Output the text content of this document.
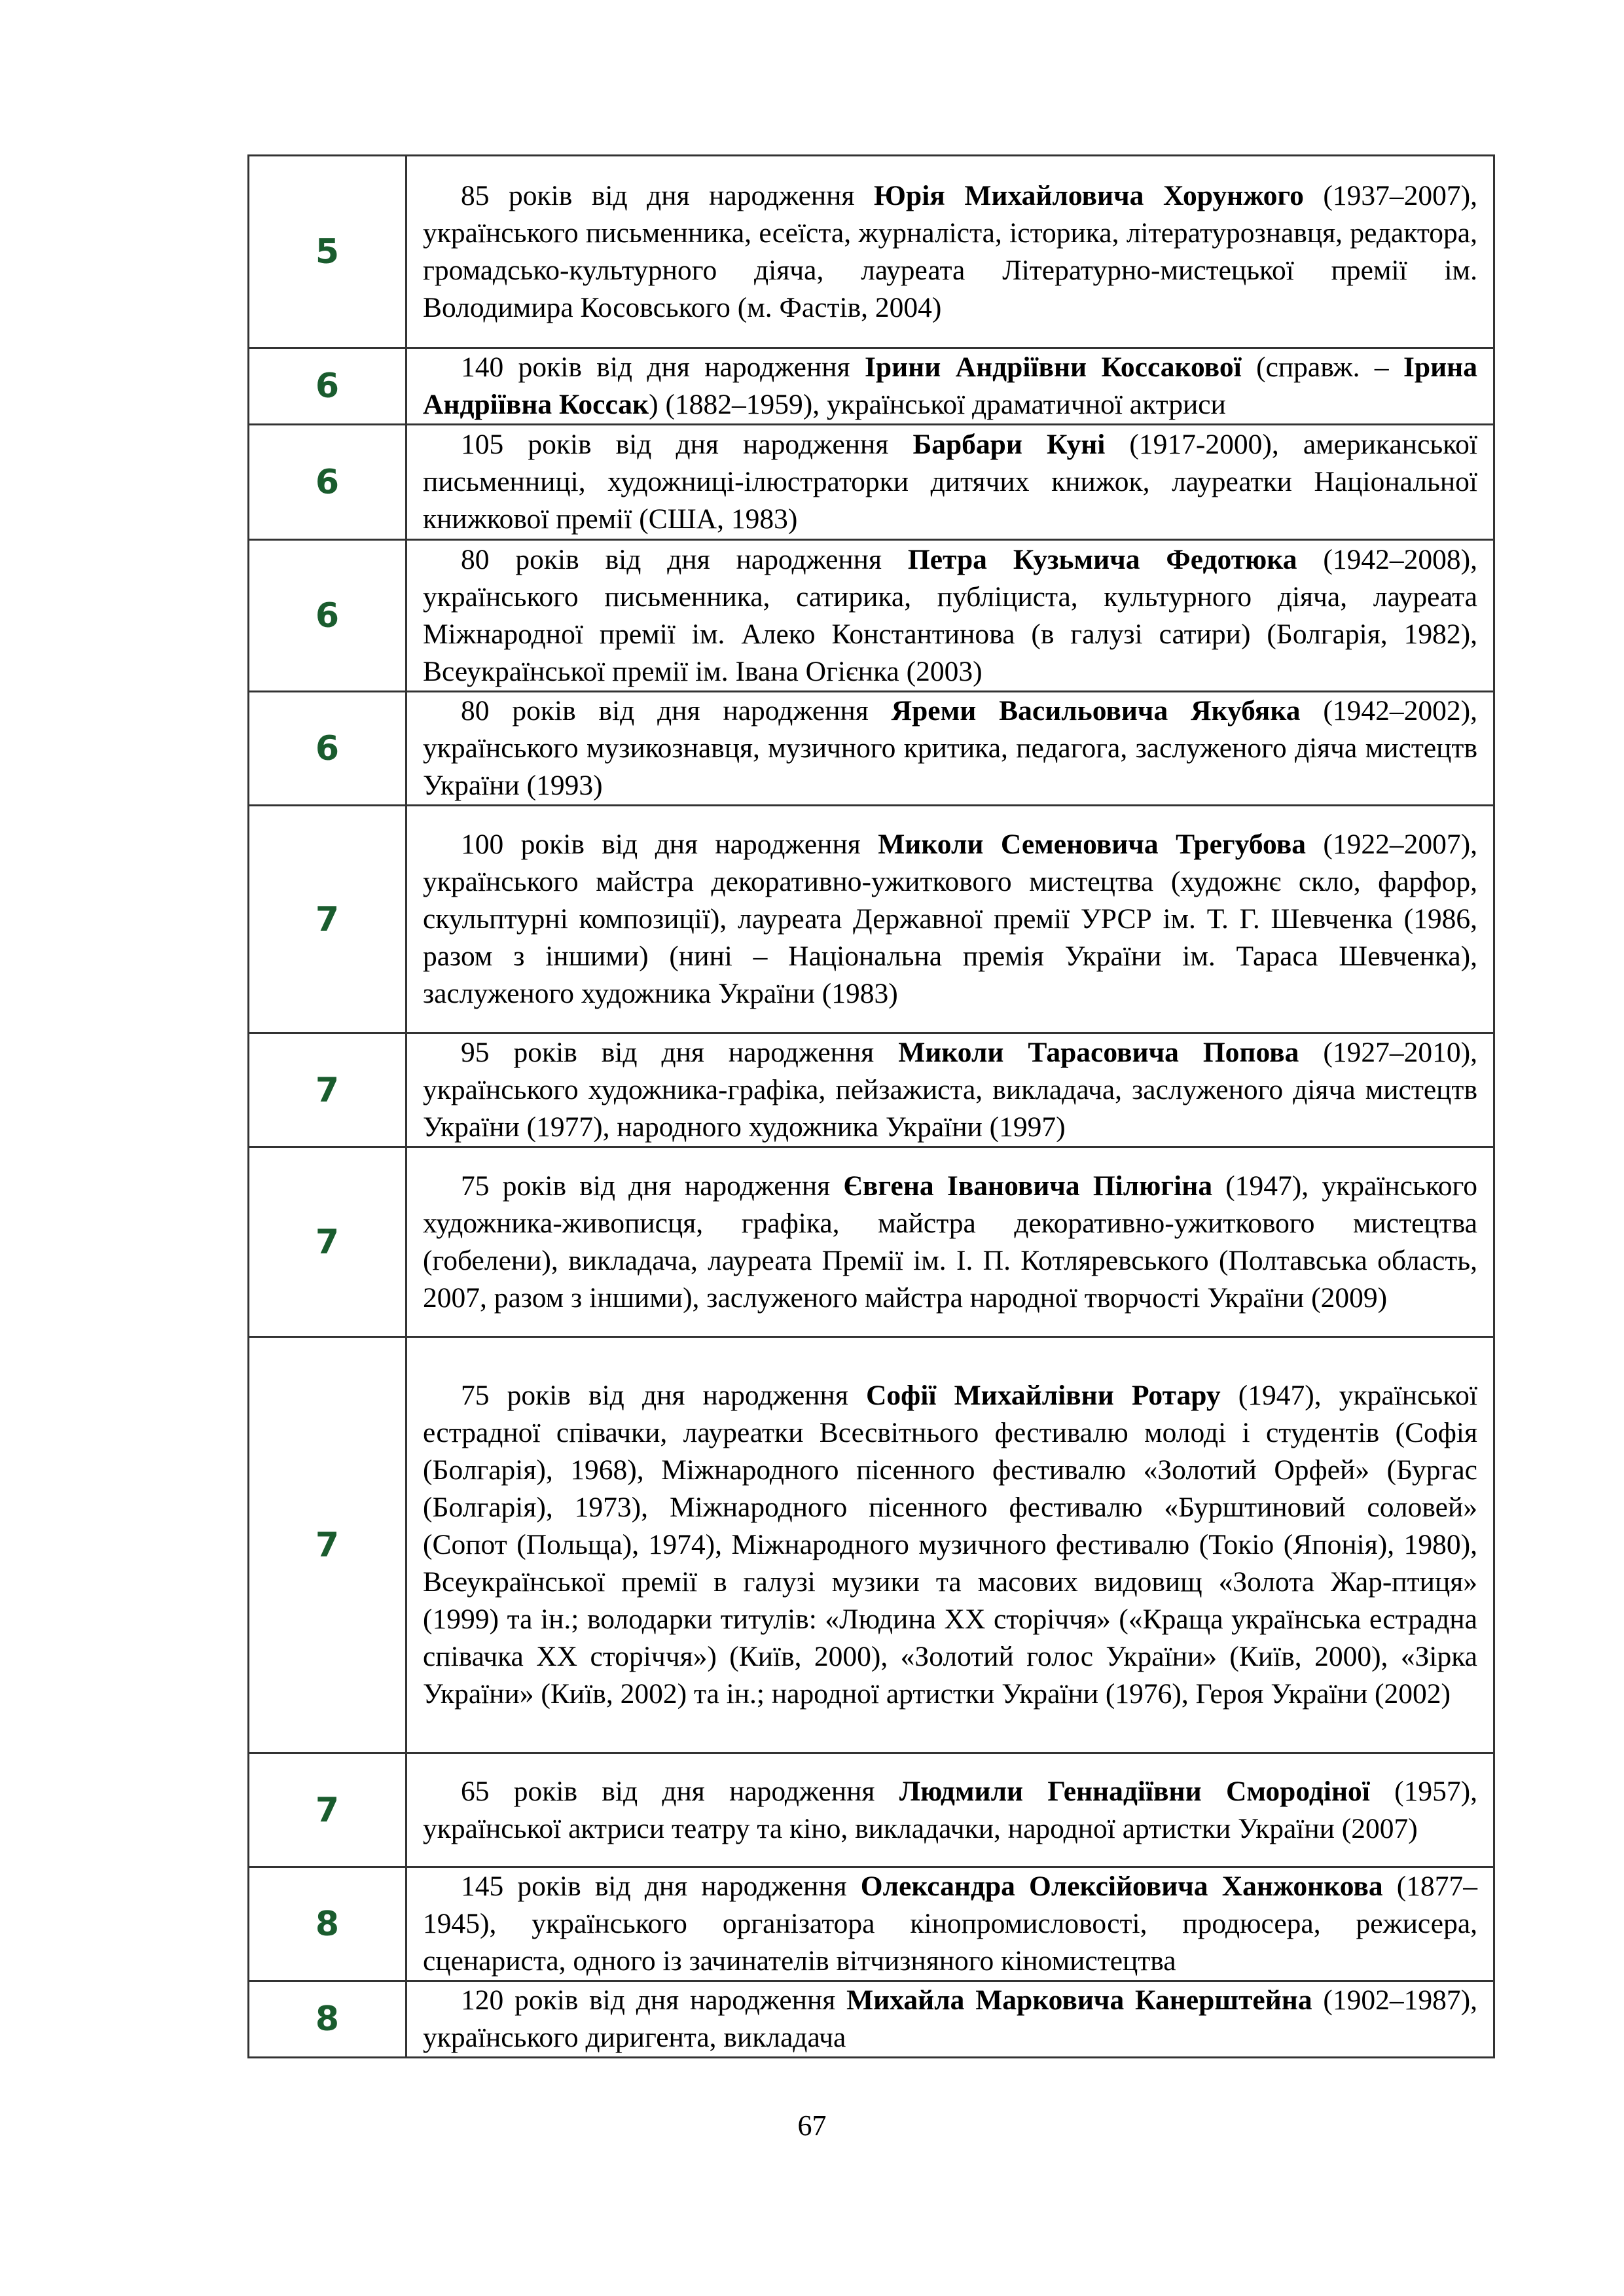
5	85 років від дня народження Юрія Михайловича Хорунжого (1937–2007), українського письменника, есеїста, журналіста, історика, літературознавця, редактора, громадсько-культурного діяча, лауреата Літературно-мистецької премії ім. Володимира Косовського (м. Фастів, 2004)

6	140 років від дня народження Ірини Андріївни Коссакової (справж. – Ірина Андріївна Коссак) (1882–1959), української драматичної актриси

6	105 років від дня народження Барбари Куні (1917-2000), американської письменниці, художниці-ілюстраторки дитячих книжок, лауреатки Національної книжкової премії (США, 1983)

6	80 років від дня народження Петра Кузьмича Федотюка (1942–2008), українського письменника, сатирика, публіциста, культурного діяча, лауреата Міжнародної премії ім. Алеко Константинова (в галузі сатири) (Болгарія, 1982), Всеукраїнської премії ім. Івана Огієнка (2003)

6	80 років від дня народження Яреми Васильовича Якубяка (1942–2002), українського музикознавця, музичного критика, педагога, заслуженого діяча мистецтв України (1993)

7	100 років від дня народження Миколи Семеновича Трегубова (1922–2007), українського майстра декоративно-ужиткового мистецтва (художнє скло, фарфор, скульптурні композиції), лауреата Державної премії УРСР ім. Т. Г. Шевченка (1986, разом з іншими) (нині – Національна премія України ім. Тараса Шевченка), заслуженого художника України (1983)

7	95 років від дня народження Миколи Тарасовича Попова (1927–2010), українського художника-графіка, пейзажиста, викладача, заслуженого діяча мистецтв України (1977), народного художника України (1997)

7	75 років від дня народження Євгена Івановича Пілюгіна (1947), українського художника-живописця, графіка, майстра декоративно-ужиткового мистецтва (гобелени), викладача, лауреата Премії ім. І. П. Котляревського (Полтавська область, 2007, разом з іншими), заслуженого майстра народної творчості України (2009)

7	75 років від дня народження Софії Михайлівни Ротару (1947), української естрадної співачки, лауреатки Всесвітнього фестивалю молоді і студентів (Софія (Болгарія), 1968), Міжнародного пісенного фестивалю «Золотий Орфей» (Бургас (Болгарія), 1973), Міжнародного пісенного фестивалю «Бурштиновий соловей» (Сопот (Польща), 1974), Міжнародного музичного фестивалю (Токіо (Японія), 1980), Всеукраїнської премії в галузі музики та масових видовищ «Золота Жар-птиця» (1999) та ін.; володарки титулів: «Людина ХХ сторіччя» («Краща українська естрадна співачка ХХ сторіччя») (Київ, 2000), «Золотий голос України» (Київ, 2000), «Зірка України» (Київ, 2002) та ін.; народної артистки України (1976), Героя України (2002)

7	65 років від дня народження Людмили Геннадіївни Смородіної (1957), української актриси театру та кіно, викладачки, народної артистки України (2007)

8	145 років від дня народження Олександра Олексійовича Ханжонкова (1877–1945), українського організатора кінопромисловості, продюсера, режисера, сценариста, одного із зачинателів вітчизняного кіномистецтва

8	120 років від дня народження Михайла Марковича Канерштейна (1902–1987), українського диригента, викладача

67
